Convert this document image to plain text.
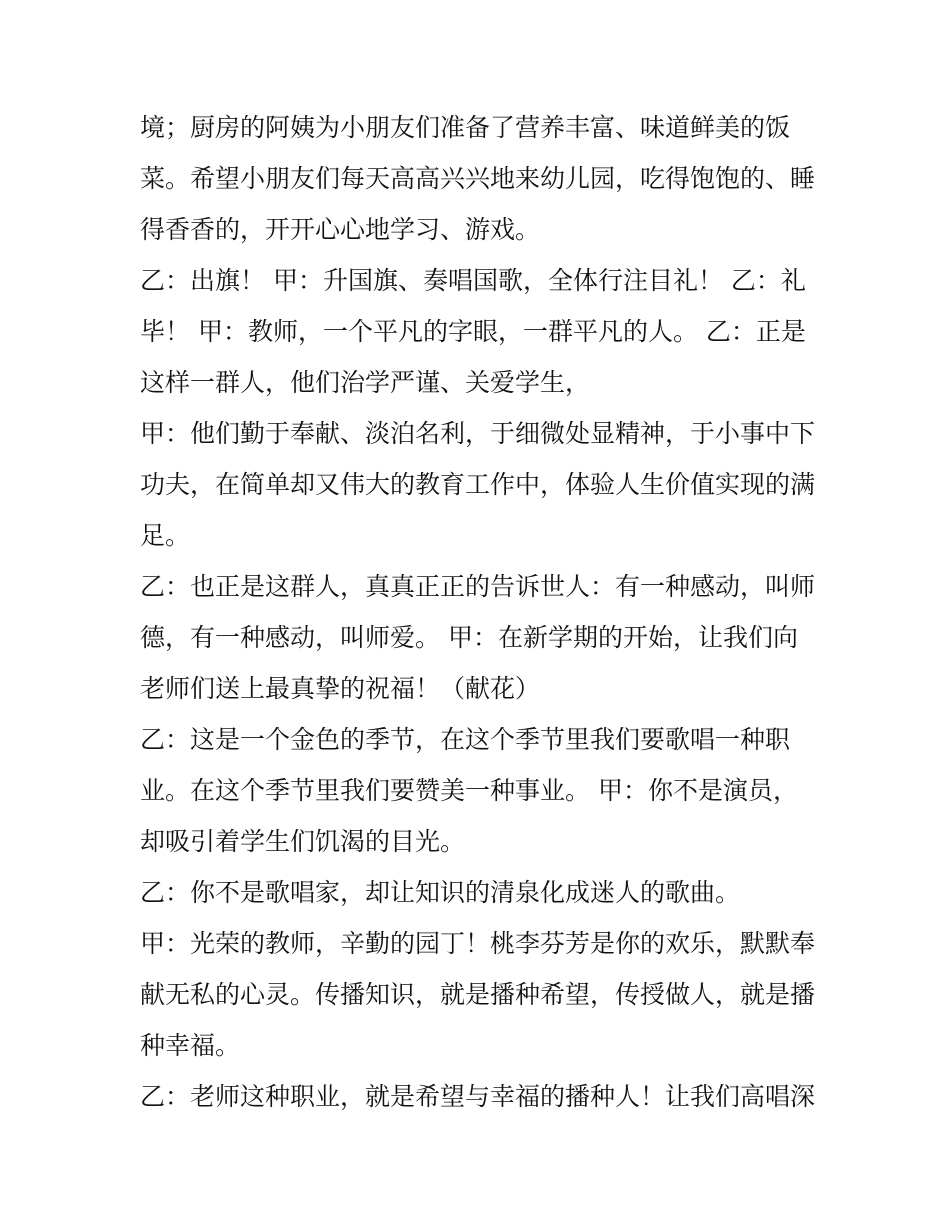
境；厨房的阿姨为小朋友们准备了营养丰富、味道鲜美的饭
菜。希望小朋友们每天高高兴兴地来幼儿园，吃得饱饱的、睡
得香香的，开开心心地学习、游戏。
乙：出旗！ 甲：升国旗、奏唱国歌，全体行注目礼！ 乙：礼
毕！ 甲：教师，一个平凡的字眼，一群平凡的人。 乙：正是
这样一群人，他们治学严谨、关爱学生，
甲：他们勤于奉献、淡泊名利，于细微处显精神，于小事中下
功夫，在简单却又伟大的教育工作中，体验人生价值实现的满
足。
乙：也正是这群人，真真正正的告诉世人：有一种感动，叫师
德，有一种感动，叫师爱。 甲：在新学期的开始，让我们向
老师们送上最真挚的祝福！（献花）
乙：这是一个金色的季节，在这个季节里我们要歌唱一种职
业。在这个季节里我们要赞美一种事业。 甲：你不是演员，
却吸引着学生们饥渴的目光。
乙：你不是歌唱家，却让知识的清泉化成迷人的歌曲。
甲：光荣的教师，辛勤的园丁！桃李芬芳是你的欢乐，默默奉
献无私的心灵。传播知识，就是播种希望，传授做人，就是播
种幸福。
乙：老师这种职业，就是希望与幸福的播种人！让我们高唱深
